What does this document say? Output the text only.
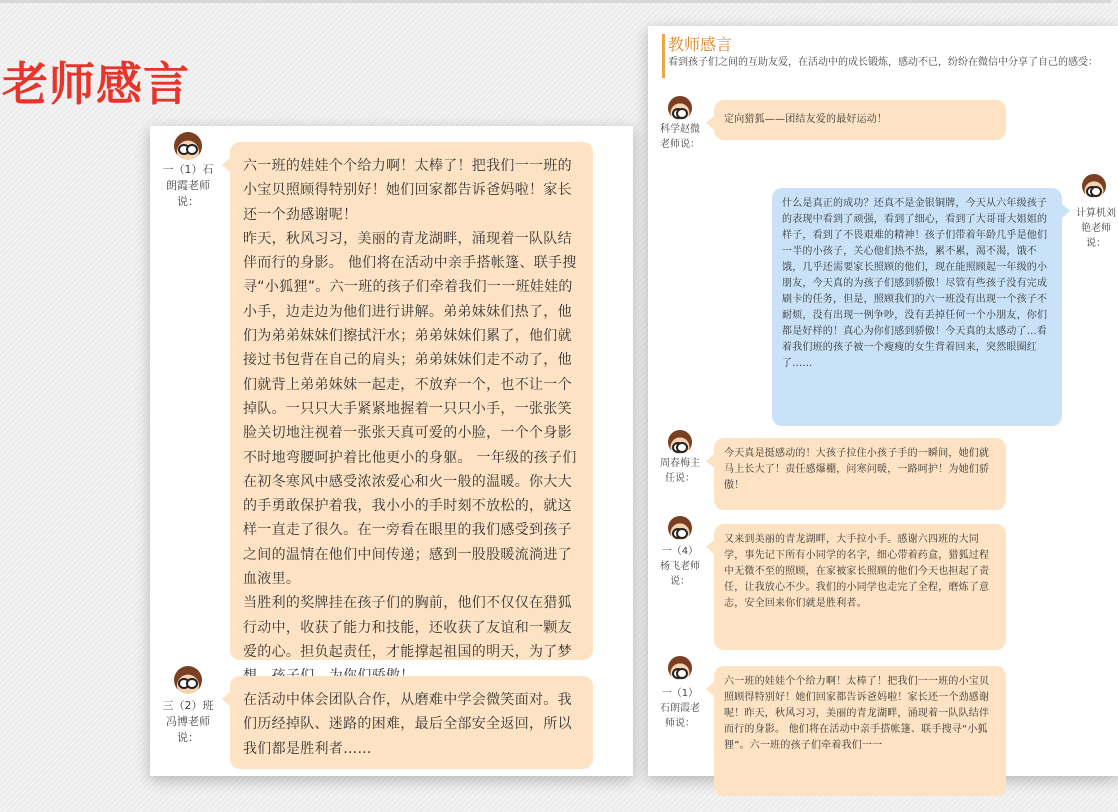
老师感言
一（1）石朗霞老师说：

六一班的娃娃个个给力啊！太棒了！把我们一一班的小宝贝照顾得特别好！她们回家都告诉爸妈啦！家长还一个劲感谢呢！

昨天，秋风习习，美丽的青龙湖畔，涌现着一队队结伴而行的身影。 他们将在活动中亲手搭帐篷、联手搜寻“小狐狸”。六一班的孩子们牵着我们一一班娃娃的小手，边走边为他们进行讲解。弟弟妹妹们热了，他们为弟弟妹妹们擦拭汗水；弟弟妹妹们累了，他们就接过书包背在自己的肩头；弟弟妹妹们走不动了，他们就背上弟弟妹妹一起走，不放弃一个，也不让一个掉队。一只只大手紧紧地握着一只只小手，一张张笑脸关切地注视着一张张天真可爱的小脸，一个个身影不时地弯腰呵护着比他更小的身躯。 一年级的孩子们在初冬寒风中感受浓浓爱心和火一般的温暖。你大大的手勇敢保护着我，我小小的手时刻不放松的，就这样一直走了很久。在一旁看在眼里的我们感受到孩子之间的温情在他们中间传递；感到一股股暖流淌进了血液里。

当胜利的奖牌挂在孩子们的胸前，他们不仅仅在猎狐行动中，收获了能力和技能，还收获了友谊和一颗友爱的心。担负起责任，才能撑起祖国的明天，为了梦

三（2）班冯博老师说：

在活动中体会团队合作，从磨难中学会微笑面对。我们历经掉队、迷路的困难，最后全部安全返回，所以我们都是胜利者……

教师感言
看到孩子们之间的互助友爱，在活动中的成长锻炼，感动不已，纷纷在微信中分享了自己的感受：
科学赵微老师说：

定向猎狐——团结友爱的最好运动！

什么是真正的成功？还真不是金银铜牌，今天从六年级孩子的表现中看到了顽强，看到了细心，看到了大哥哥大姐姐的样子，看到了不畏艰难的精神！孩子们带着年龄几乎是他们一半的小孩子，关心他们热不热，累不累，渴不渴，饿不饿，几乎还需要家长照顾的他们，现在能照顾起一年级的小朋友，今天真的为孩子们感到骄傲！尽管有些孩子没有完成刷卡的任务，但是，照顾我们的六一班没有出现一个孩子不耐烦，没有出现一例争吵，没有丢掉任何一个小朋友，你们都是好样的！真心为你们感到骄傲！今天真的太感动了...看着我们班的孩子被一个瘦瘦的女生背着回来，突然眼圈红了……

计算机刘艳老师说：
周春梅主任说：

今天真是挺感动的！大孩子拉住小孩子手的一瞬间，她们就马上长大了！责任感爆棚，问寒问暖，一路呵护！为她们骄傲！

一（4）杨飞老师说：

又来到美丽的青龙湖畔，大手拉小手。感谢六四班的大同学，事先记下所有小同学的名字，细心带着药盒，猎狐过程中无微不至的照顾，在家被家长照顾的他们今天也担起了责任，让我放心不少。我们的小同学也走完了全程，磨炼了意志，安全回来你们就是胜利者。

一（1）石朗霞老师说：

六一班的娃娃个个给力啊！太棒了！把我们一一班的小宝贝照顾得特别好！她们回家都告诉爸妈啦！家长还一个劲感谢呢！昨天，秋风习习，美丽的青龙湖畔，涌现着一队队结伴而行的身影。 他们将在活动中亲手搭帐篷、联手搜寻“小狐狸”。六一班的孩子们牵着我们一一
